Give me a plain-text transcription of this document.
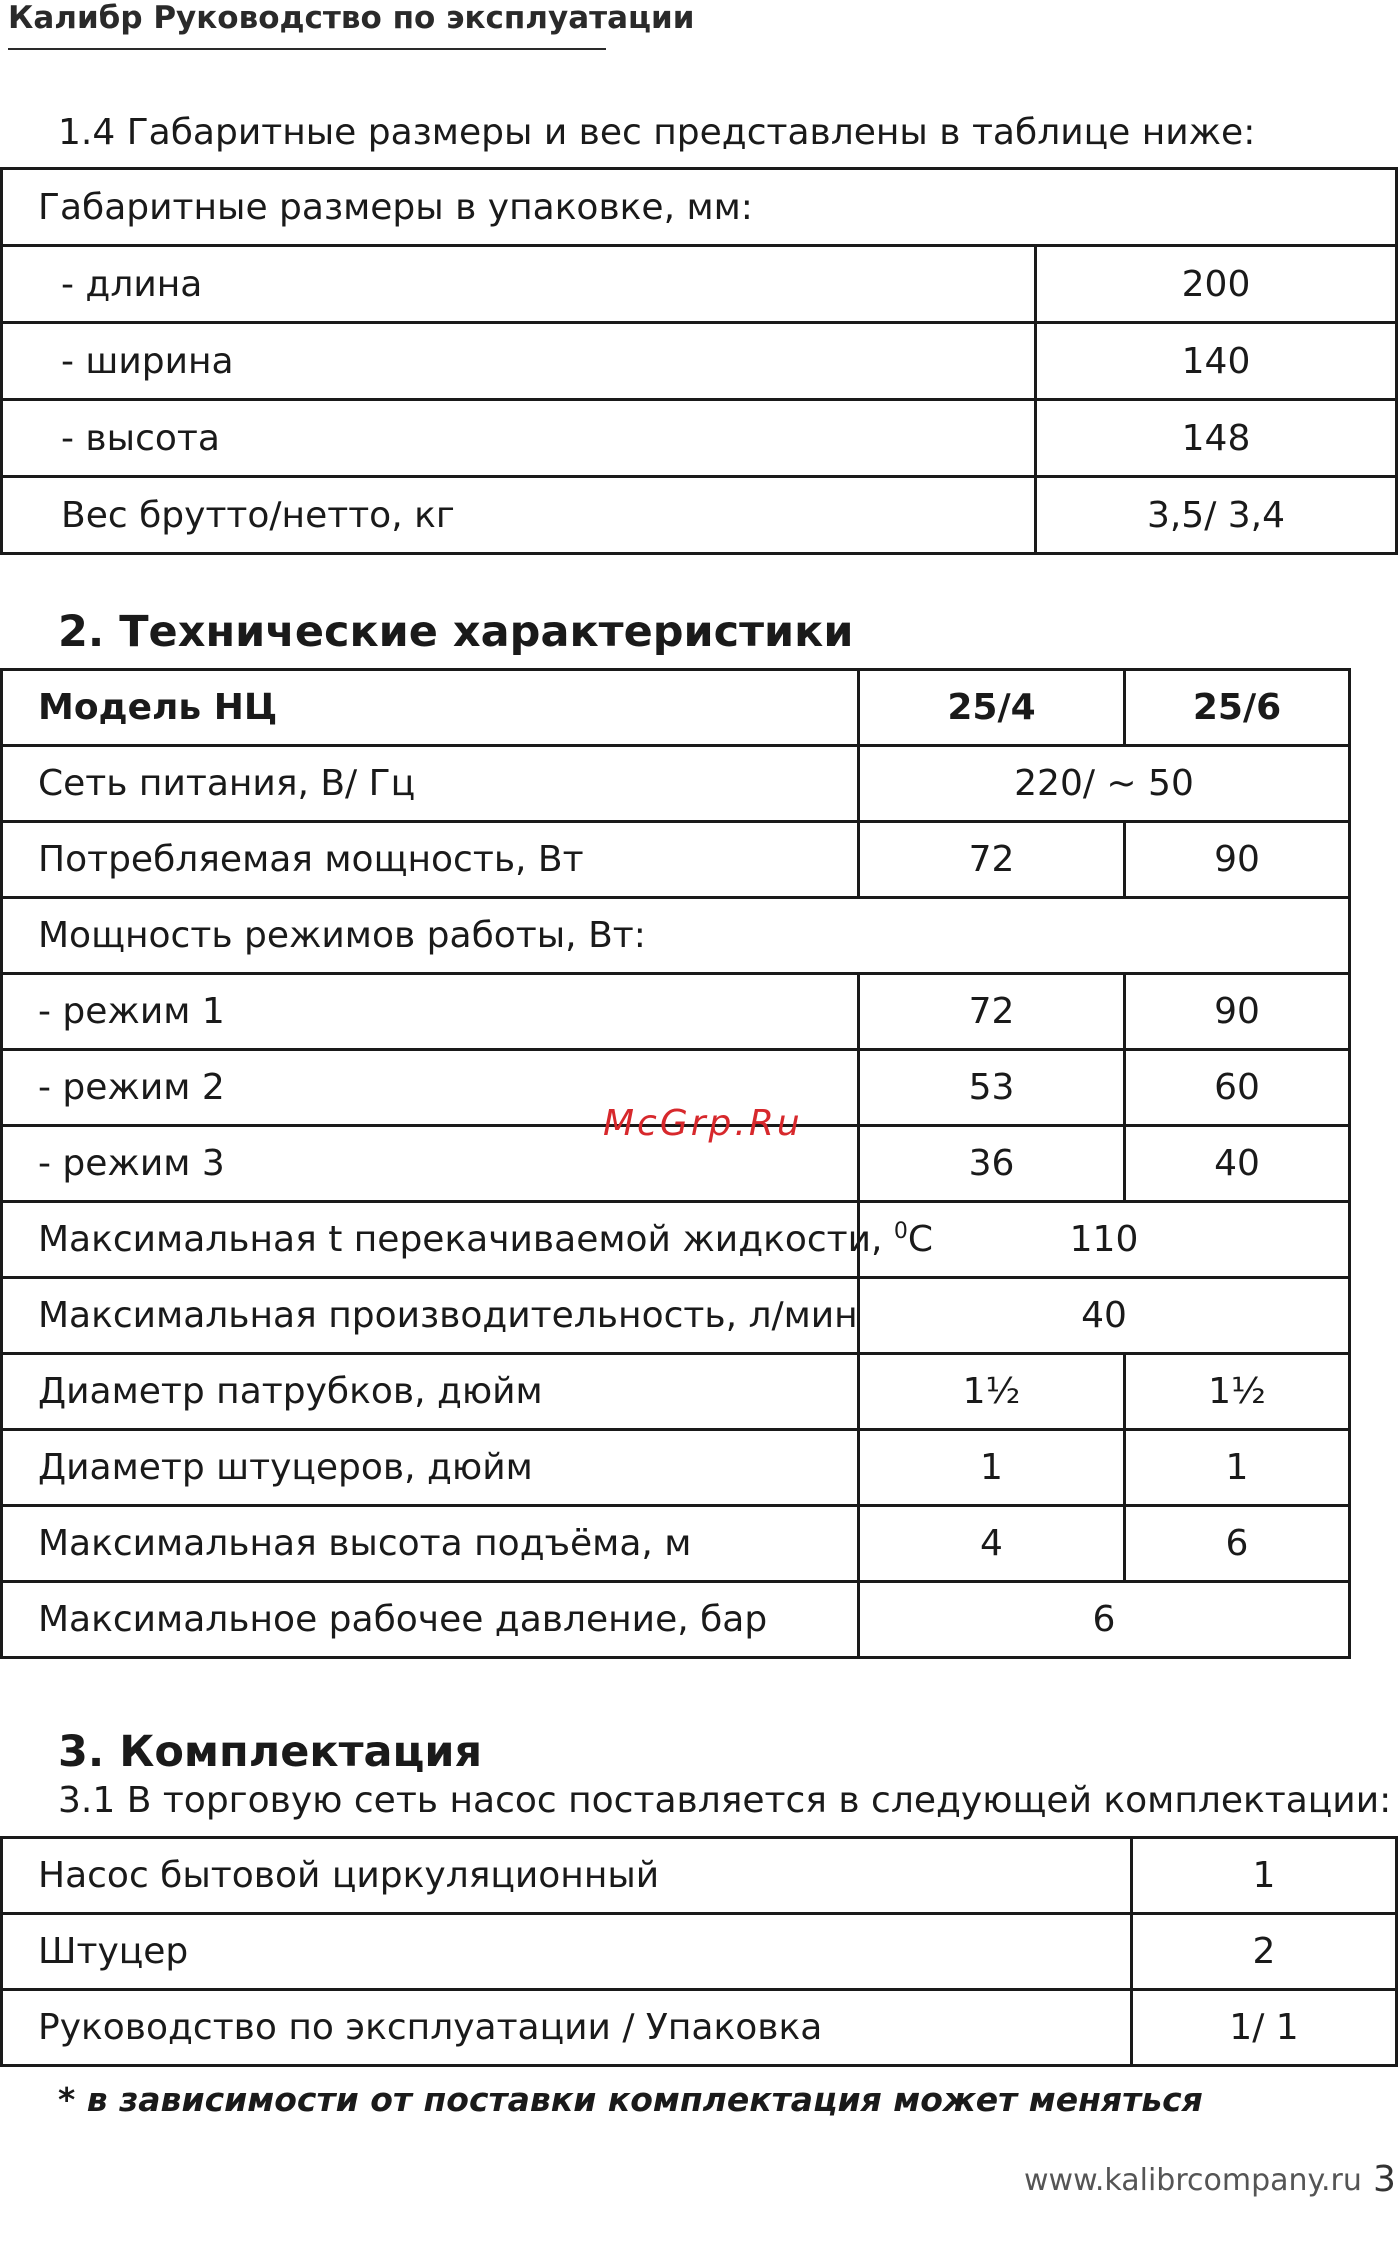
Калибр Руководство по эксплуатации
1.4 Габаритные размеры и вес представлены в таблице ниже:
Габаритные размеры в упаковке, мм:	
- длина	200
- ширина	140
- высота	148
Вес брутто/нетто, кг	3,5/ 3,4
2. Технические характеристики
Модель НЦ	25/4	25/6
Сеть питания, В/ Гц	220/ ~ 50	
Потребляемая мощность, Вт	72	90
Мощность режимов работы, Вт:		
- режим 1	72	90
- режим 2	53	60
- режим 3	36	40
Максимальная t перекачиваемой жидкости, $^0$С	110	
Максимальная производительность, л/мин	40	
Диаметр патрубков, дюйм	1½	1½
Диаметр штуцеров, дюйм	1	1
Максимальная высота подъёма, м	4	6
Максимальное рабочее давление, бар	6	
McGrp.Ru
3. Комплектация
3.1 В торговую сеть насос поставляется в следующей комплектации:
Насос бытовой циркуляционный	1
Штуцер	2
Руководство по эксплуатации / Упаковка	1/ 1
* в зависимости от поставки комплектация может меняться
www.kalibrcompany.ru 3
